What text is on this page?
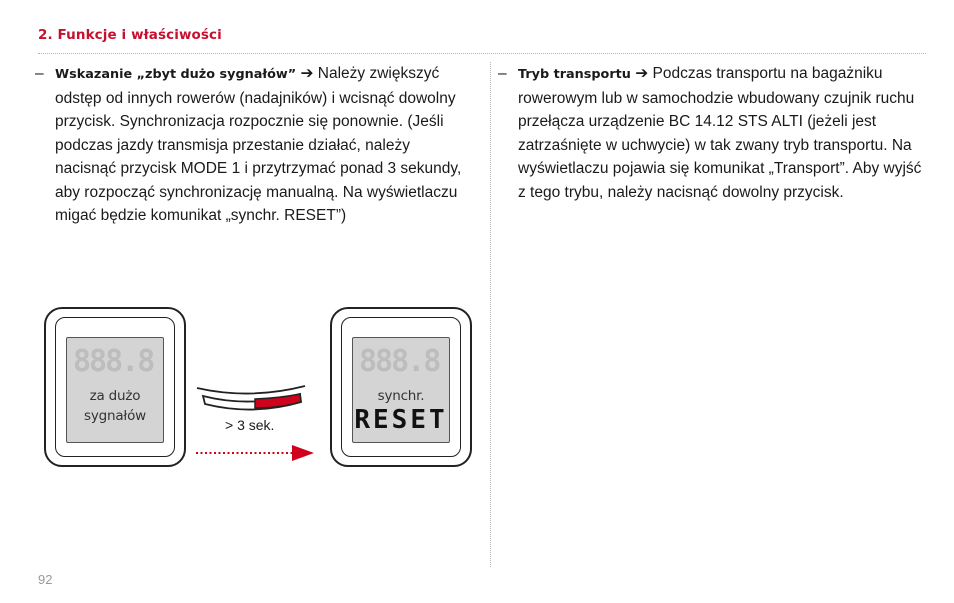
2. Funkcje i właściwości
– Wskazanie „zbyt dużo sygnałów” ➔ Należy zwiększyć odstęp od innych rowerów (nadajników) i wcisnąć dowolny przycisk. Synchronizacja rozpocznie się ponownie. (Jeśli podczas jazdy transmisja przestanie działać, należy nacisnąć przycisk MODE 1 i przytrzymać ponad 3 sekundy, aby rozpocząć synchronizację manualną. Na wyświetlaczu migać będzie komunikat „synchr. RESET”)
– Tryb transportu ➔ Podczas transportu na bagażniku rowerowym lub w samochodzie wbudowany czujnik ruchu przełącza urządzenie BC 14.12 STS ALTI (jeżeli jest zatrzaśnięte w uchwycie) w tak zwany tryb transportu. Na wyświetlaczu pojawia się komunikat „Transport”. Aby wyjść z tego trybu, należy nacisnąć dowolny przycisk.
888.8
za dużo
sygnałów
> 3 sek.
888.8
synchr.
RESET
92
